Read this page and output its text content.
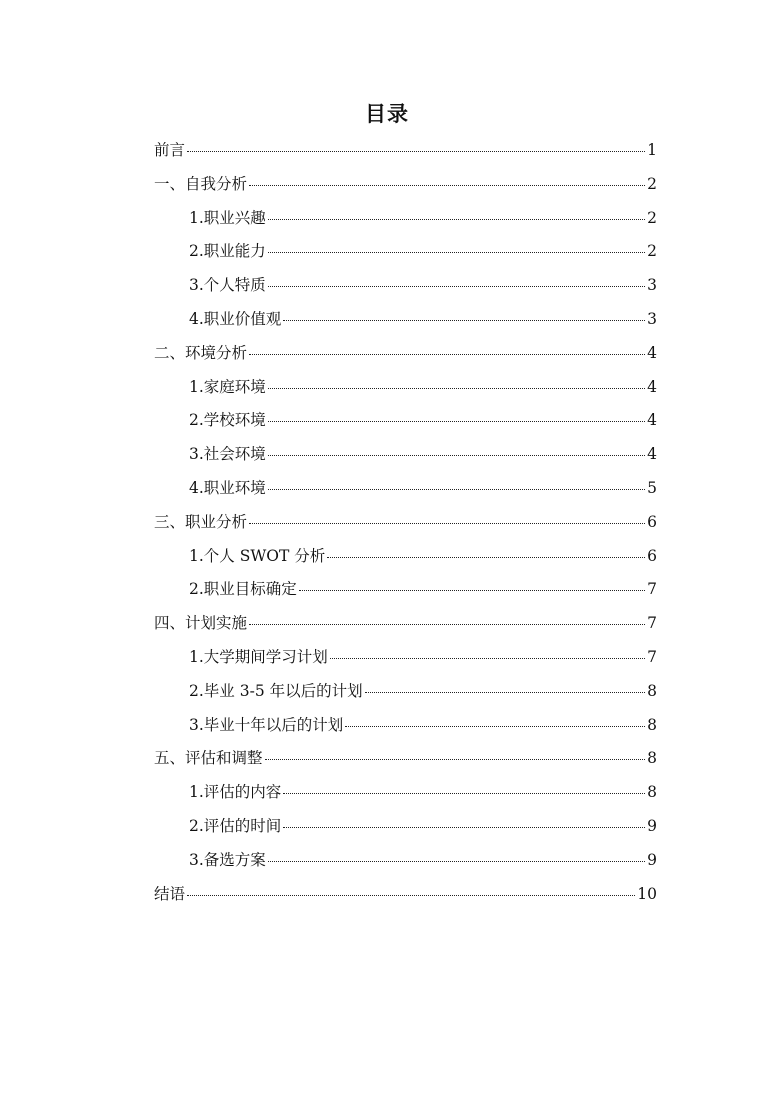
目录
前言	1
一、自我分析	2
1.职业兴趣	2
2.职业能力	2
3.个人特质	3
4.职业价值观	3
二、环境分析	4
1.家庭环境	4
2.学校环境	4
3.社会环境	4
4.职业环境	5
三、职业分析	6
1.个人 SWOT 分析	6
2.职业目标确定	7
四、计划实施	7
1.大学期间学习计划	7
2.毕业 3-5 年以后的计划	8
3.毕业十年以后的计划	8
五、评估和调整	8
1.评估的内容	8
2.评估的时间	9
3.备选方案	9
结语	10
